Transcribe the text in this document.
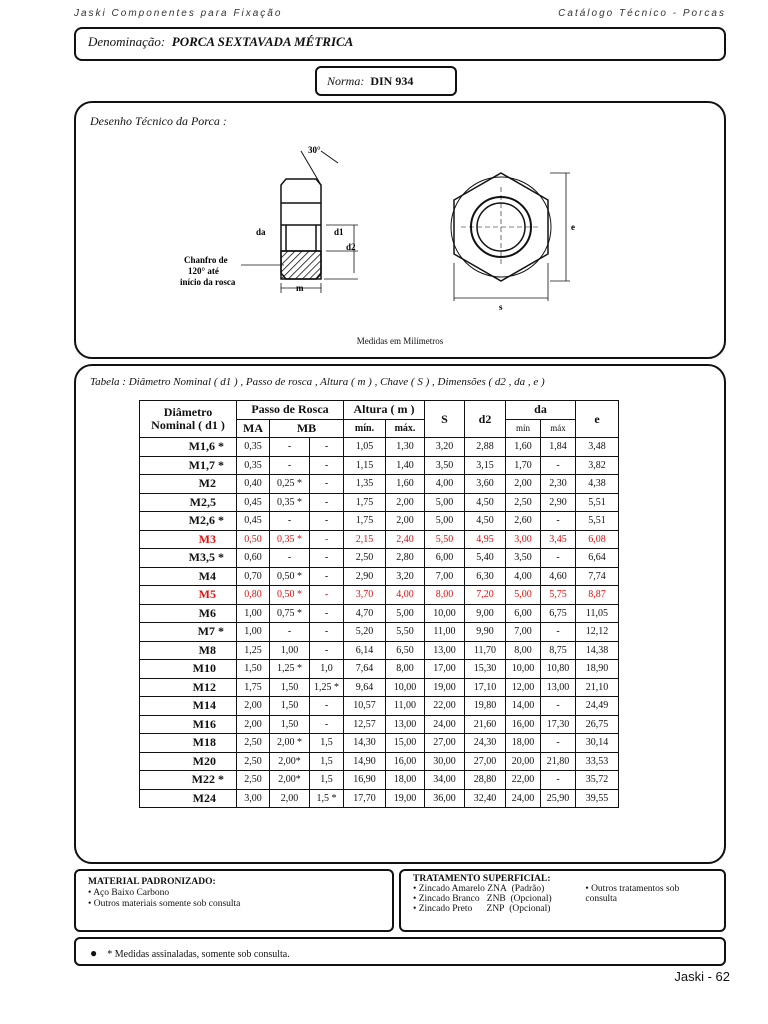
Jaski Componentes para Fixação	Catálogo Técnico - Porcas
Denominação: PORCA SEXTAVADA MÉTRICA
Norma: DIN 934
Desenho Técnico da Porca :
30°
da	d1
d2
m
Chanfro de
120° até
início da rosca
e
s
Medidas em Milímetros
Tabela : Diâmetro Nominal ( d1 ) , Passo de rosca , Altura ( m ) , Chave ( S ) , Dimensões ( d2 , da , e )
Diâmetro
Nominal ( d1 )	Passo de Rosca			Altura ( m )		S	d2	da		e
	MA	MB		mín.	máx.			mín	máx	
M1,6 *	0,35	-	-	1,05	1,30	3,20	2,88	1,60	1,84	3,48
M1,7 *	0,35	-	-	1,15	1,40	3,50	3,15	1,70	-	3,82
M2	0,40	0,25 *	-	1,35	1,60	4,00	3,60	2,00	2,30	4,38
M2,5	0,45	0,35 *	-	1,75	2,00	5,00	4,50	2,50	2,90	5,51
M2,6 *	0,45	-	-	1,75	2,00	5,00	4,50	2,60	-	5,51
M3	0,50	0,35 *	-	2,15	2,40	5,50	4,95	3,00	3,45	6,08
M3,5 *	0,60	-	-	2,50	2,80	6,00	5,40	3,50	-	6,64
M4	0,70	0,50 *	-	2,90	3,20	7,00	6,30	4,00	4,60	7,74
M5	0,80	0,50 *	-	3,70	4,00	8,00	7,20	5,00	5,75	8,87
M6	1,00	0,75 *	-	4,70	5,00	10,00	9,00	6,00	6,75	11,05
M7 *	1,00	-	-	5,20	5,50	11,00	9,90	7,00	-	12,12
M8	1,25	1,00	-	6,14	6,50	13,00	11,70	8,00	8,75	14,38
M10	1,50	1,25 *	1,0	7,64	8,00	17,00	15,30	10,00	10,80	18,90
M12	1,75	1,50	1,25 *	9,64	10,00	19,00	17,10	12,00	13,00	21,10
M14	2,00	1,50	-	10,57	11,00	22,00	19,80	14,00	-	24,49
M16	2,00	1,50	-	12,57	13,00	24,00	21,60	16,00	17,30	26,75
M18	2,50	2,00 *	1,5	14,30	15,00	27,00	24,30	18,00	-	30,14
M20	2,50	2,00*	1,5	14,90	16,00	30,00	27,00	20,00	21,80	33,53
M22 *	2,50	2,00*	1,5	16,90	18,00	34,00	28,80	22,00	-	35,72
M24	3,00	2,00	1,5 *	17,70	19,00	36,00	32,40	24,00	25,90	39,55
MATERIAL PADRONIZADO:
• Aço Baixo Carbono
• Outros materiais somente sob consulta
TRATAMENTO SUPERFICIAL:
• Zincado Amarelo ZNA (Padrão)
• Zincado Branco ZNB (Opcional)
• Zincado Preto ZNP (Opcional)
• Outros tratamentos sob consulta
● * Medidas assinaladas, somente sob consulta.
Jaski - 62
